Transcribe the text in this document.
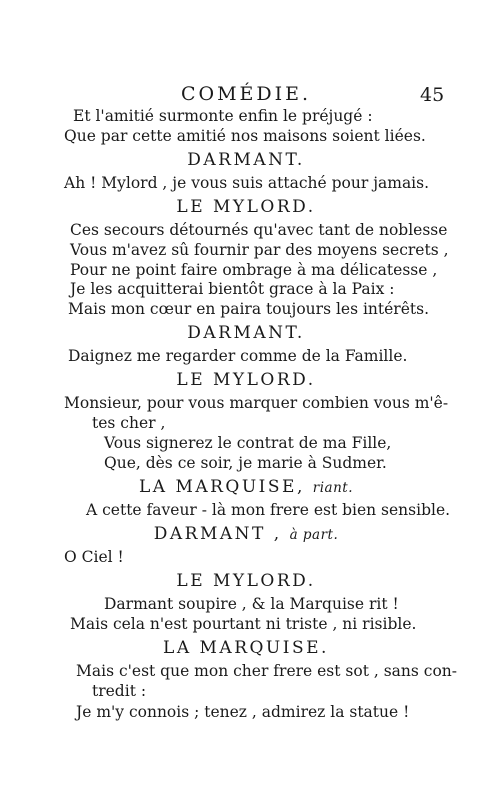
COMÉDIE.	45
Et l'amitié surmonte enfin le préjugé :
Que par cette amitié nos maisons soient liées.
DARMANT.
Ah ! Mylord , je vous suis attaché pour jamais.
LE MYLORD.
Ces secours détournés qu'avec tant de noblesse
Vous m'avez sû fournir par des moyens secrets ,
Pour ne point faire ombrage à ma délicatesse ,
Je les acquitterai bientôt grace à la Paix :
Mais mon cœur en paira toujours les intérêts.
DARMANT.
Daignez me regarder comme de la Famille.
LE MYLORD.
Monsieur, pour vous marquer combien vous m'ê-
tes cher ,
Vous signerez le contrat de ma Fille,
Que, dès ce soir, je marie à Sudmer.
LA MARQUISE, riant.
A cette faveur - là mon frere est bien sensible.
DARMANT , à part.
O Ciel !
LE MYLORD.
Darmant soupire , & la Marquise rit !
Mais cela n'est pourtant ni triste , ni risible.
LA MARQUISE.
Mais c'est que mon cher frere est sot , sans con-
tredit :
Je m'y connois ; tenez , admirez la statue !
